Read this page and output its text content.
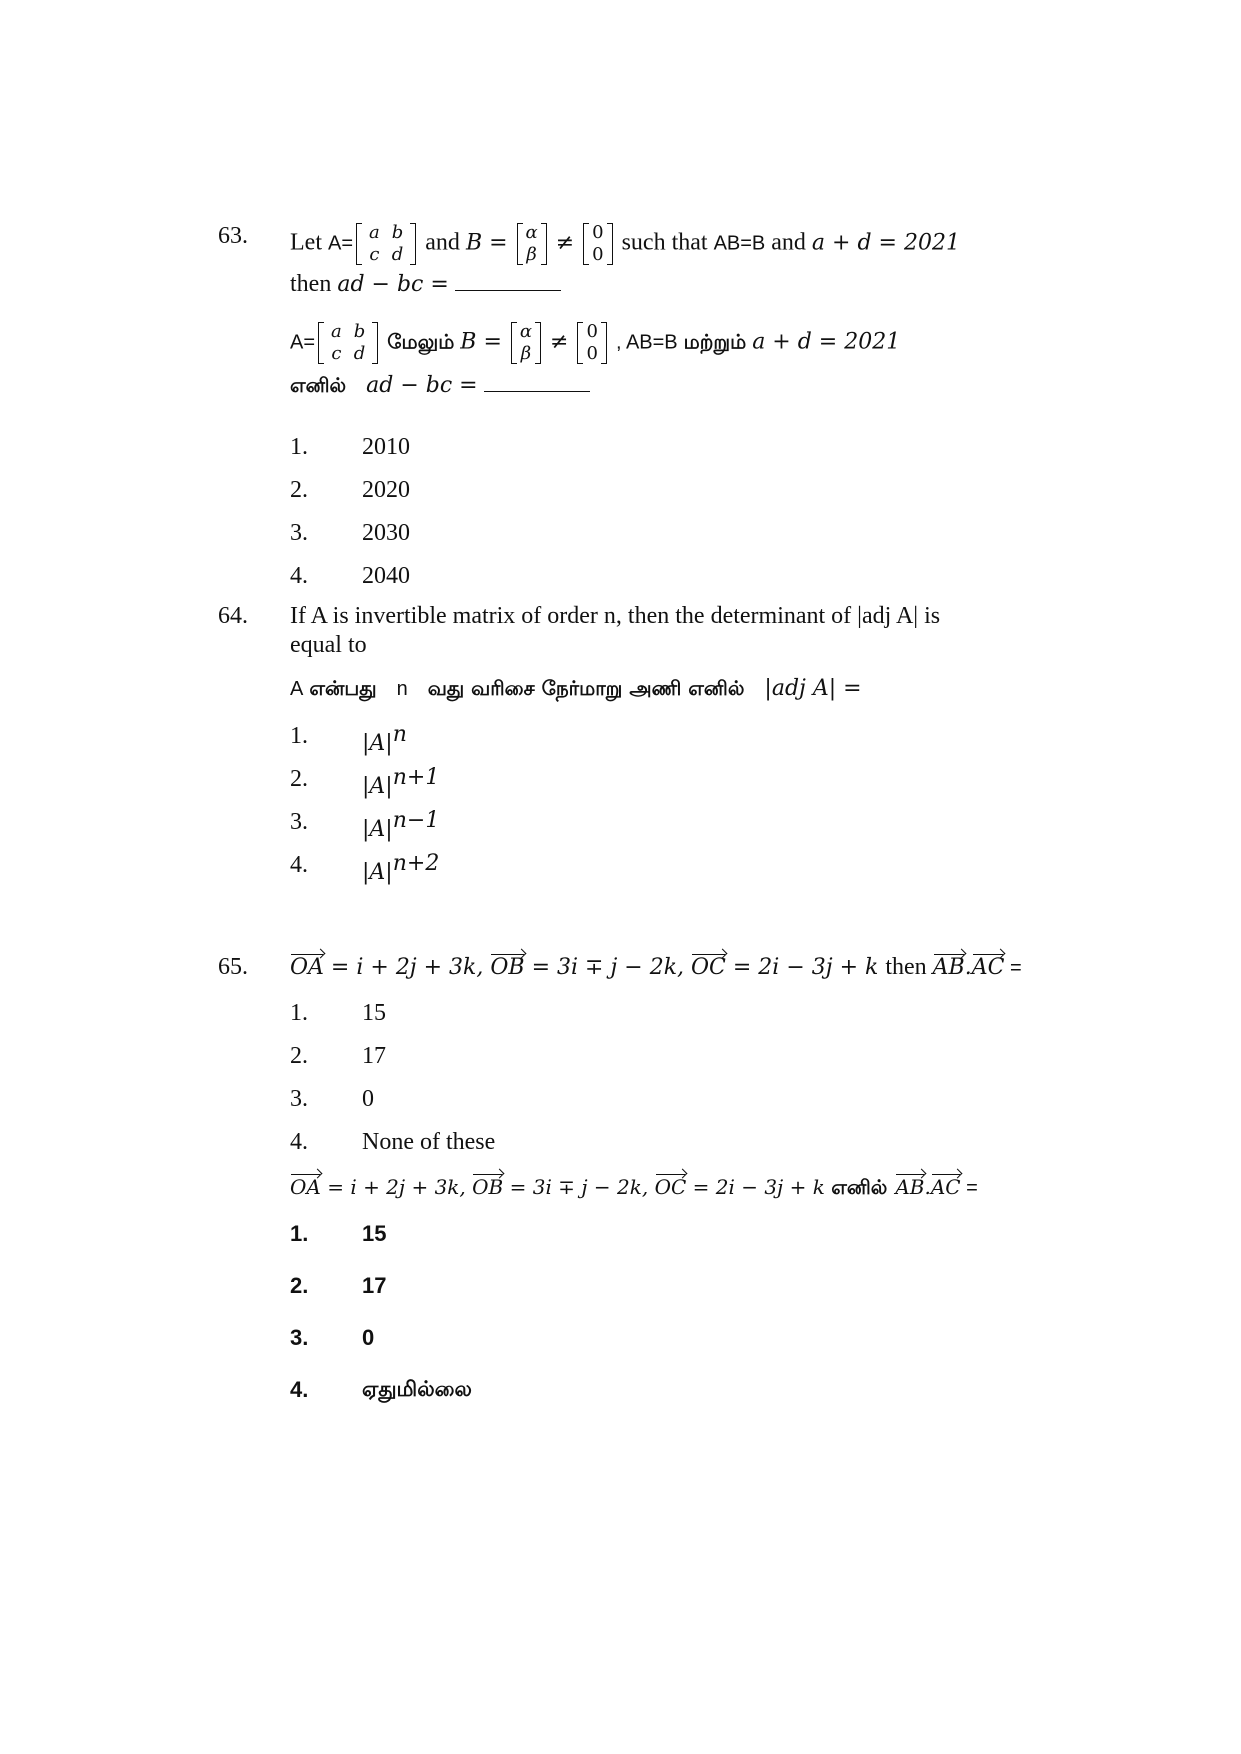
63. Let A=
a	b
c	d and B = α
β ≠ 0
0 such that AB=B and a + d = 2021
then ad − bc =
A=
a	b
c	d மேலும் B = α
β ≠ 0
0 , AB=B மற்றும் a + d = 2021
எனில் ad − bc =
1. 2010
2. 2020
3. 2030
4. 2040
64. If A is invertible matrix of order n, then the determinant of |adj A| is
equal to
A என்பது n வது வரிசை நேர்மாறு அணி எனில் |adj A| =
1. $|A|^n$
2. $|A|^{n+1}$
3. $|A|^{n-1}$
4. $|A|^{n+2}$
65. OA = i + 2j + 3k, OB = 3i ∓ j − 2k, OC = 2i − 3j + k then AB.AC =
1. 15
2. 17
3. 0
4. None of these
OA = i + 2j + 3k, OB = 3i ∓ j − 2k, OC = 2i − 3j + k எனில் AB.AC =
1. 15
2. 17
3. 0
4.	ஏதுமில்லை
